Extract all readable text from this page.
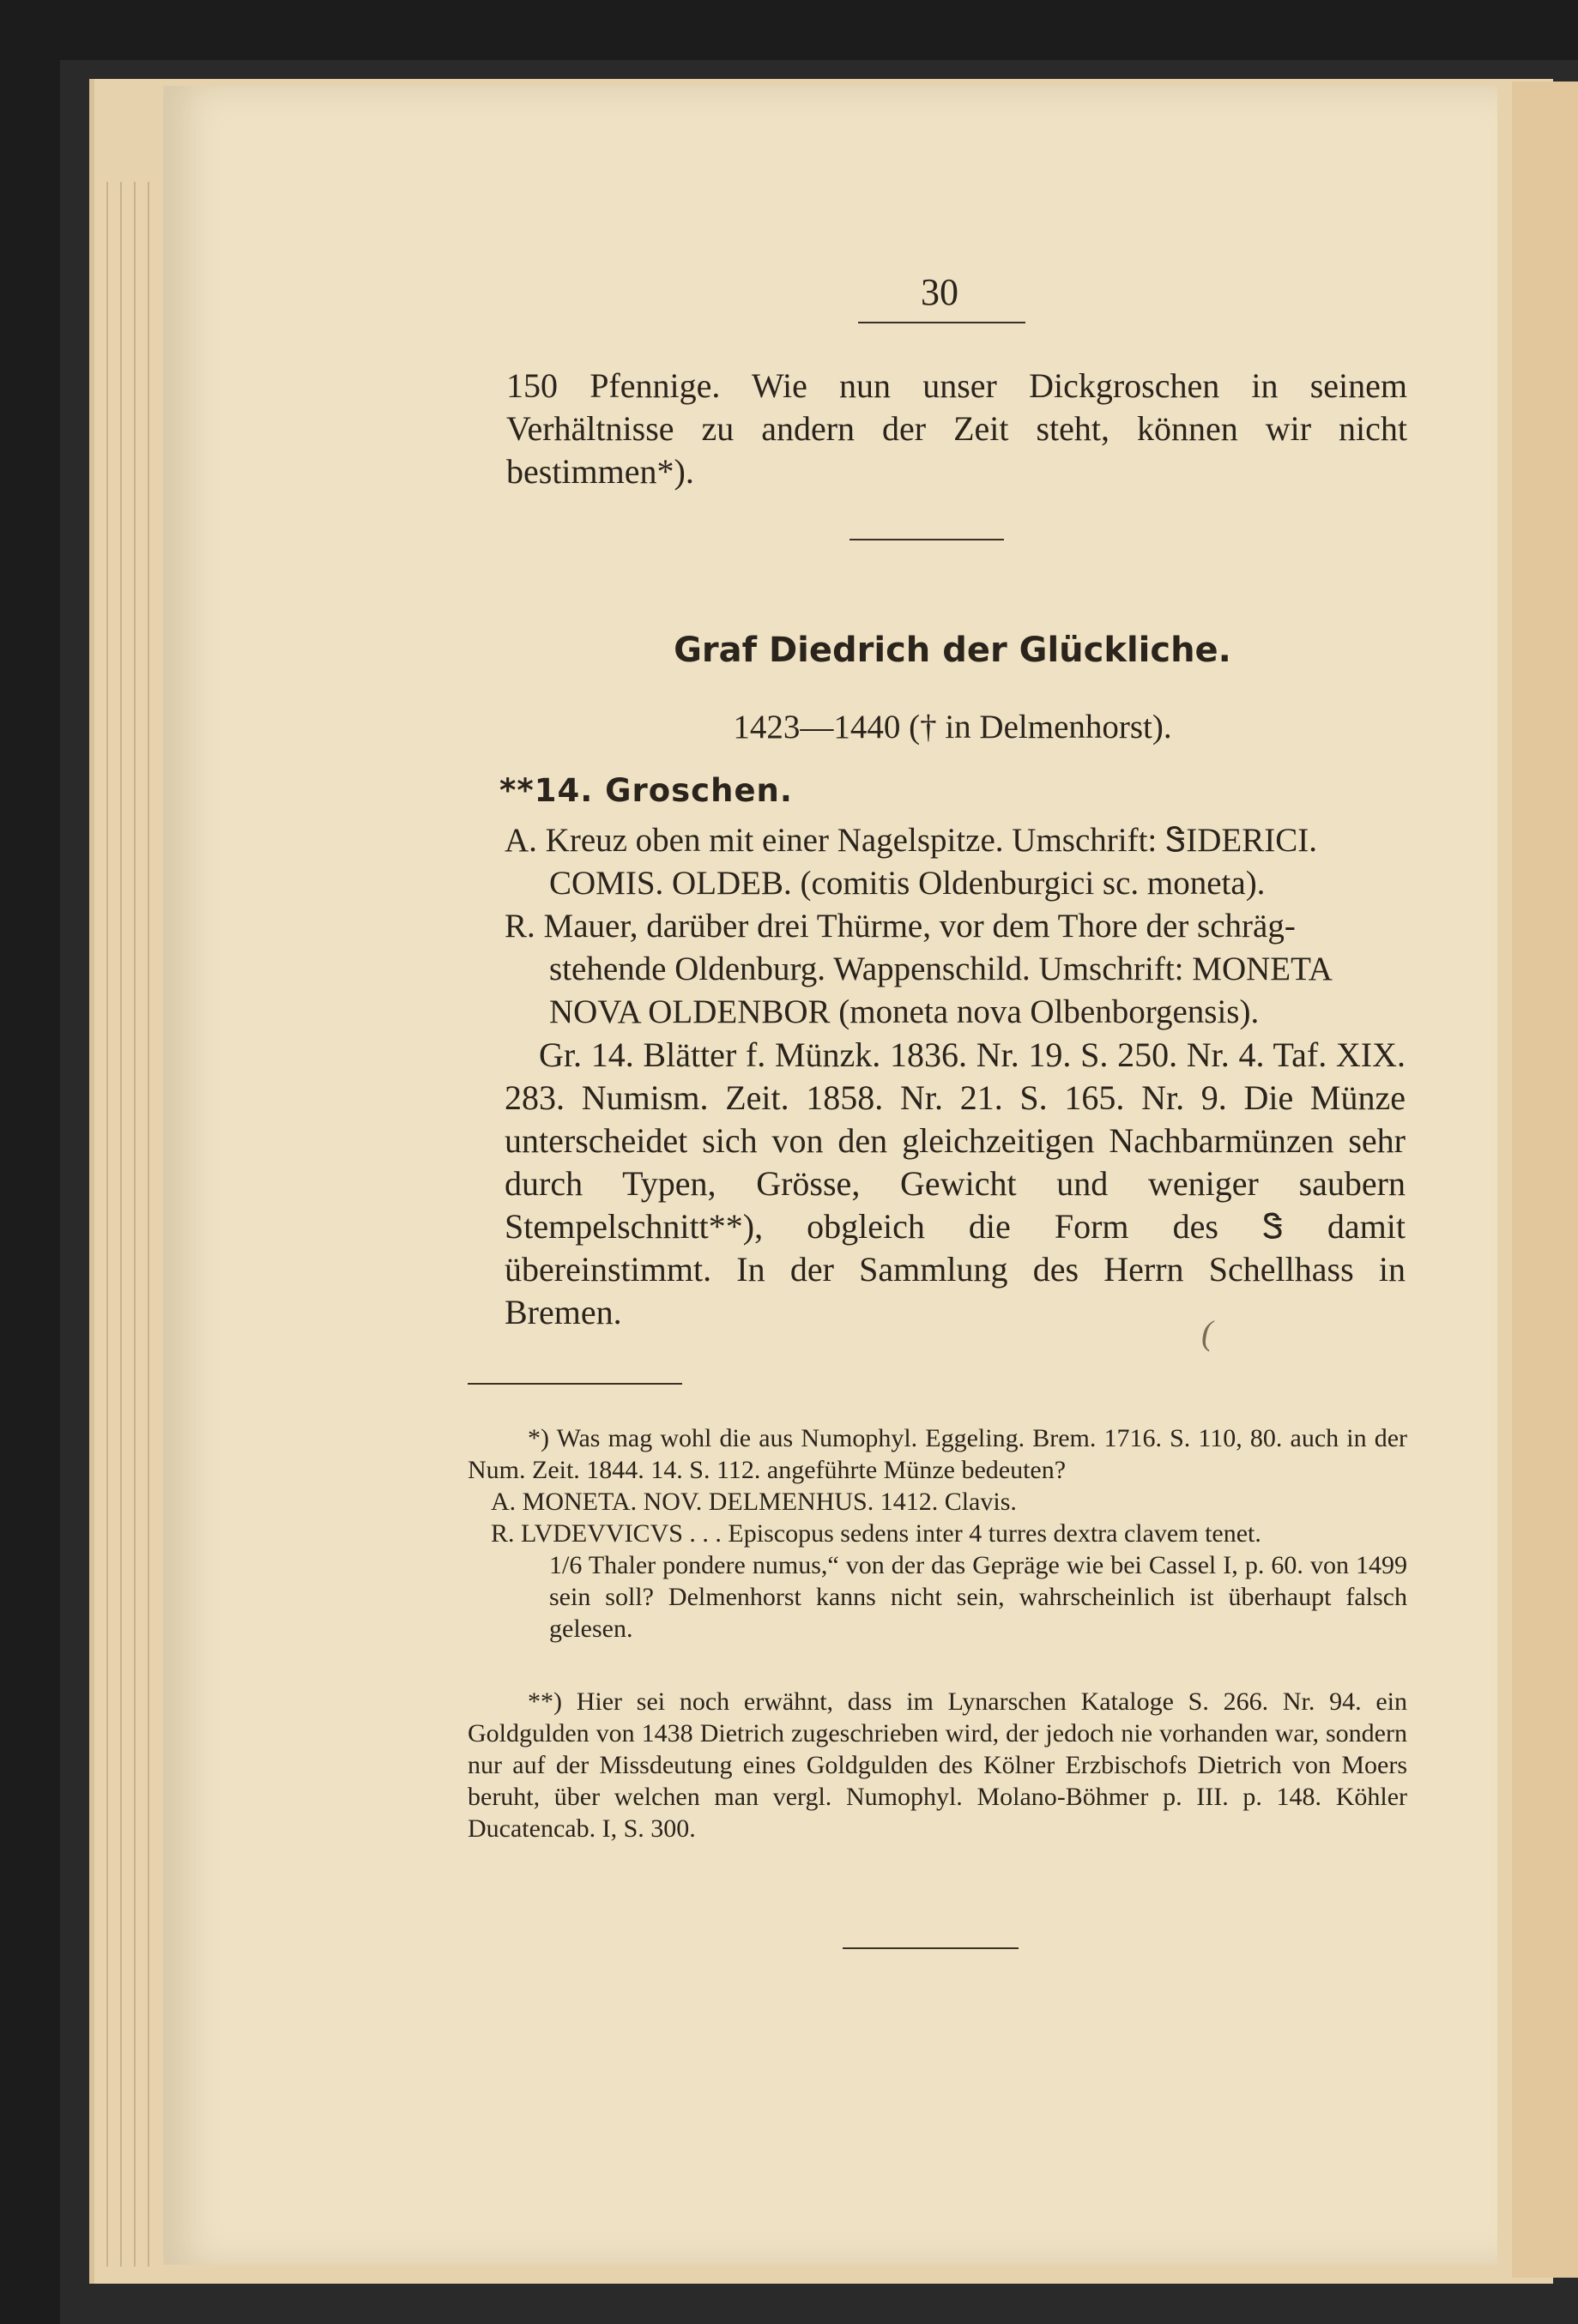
30

150 Pfennige. Wie nun unser Dickgroschen in seinem Verhältnisse zu andern der Zeit steht, können wir nicht bestimmen*).

Graf Diedrich der Glückliche.
1423—1440 († in Delmenhorst).
**14. Groschen.
A. Kreuz oben mit einer Nagelspitze. Umschrift: ᏕIDERICI.
COMIS. OLDEB. (comitis Oldenburgici sc. moneta).
R. Mauer, darüber drei Thürme, vor dem Thore der schräg-
stehende Oldenburg. Wappenschild. Umschrift: MONETA
NOVA OLDENBOR (moneta nova Olbenborgensis).

Gr. 14. Blätter f. Münzk. 1836. Nr. 19. S. 250. Nr. 4. Taf. XIX. 283. Numism. Zeit. 1858. Nr. 21. S. 165. Nr. 9. Die Münze unterscheidet sich von den gleichzeitigen Nachbarmünzen sehr durch Typen, Grösse, Gewicht und weniger saubern Stempelschnitt**), obgleich die Form des Ꮥ damit übereinstimmt. In der Sammlung des Herrn Schellhass in Bremen.

(

*) Was mag wohl die aus Numophyl. Eggeling. Brem. 1716. S. 110, 80. auch in der Num. Zeit. 1844. 14. S. 112. angeführte Münze bedeuten?

A. MONETA. NOV. DELMENHUS. 1412. Clavis.

R. LVDEVVICVS . . . Episcopus sedens inter 4 turres dextra clavem tenet.

1/6 Thaler pondere numus,“ von der das Gepräge wie bei Cassel I, p. 60. von 1499 sein soll? Delmenhorst kanns nicht sein, wahrscheinlich ist überhaupt falsch gelesen.

**) Hier sei noch erwähnt, dass im Lynarschen Kataloge S. 266. Nr. 94. ein Goldgulden von 1438 Dietrich zugeschrieben wird, der jedoch nie vorhanden war, sondern nur auf der Missdeutung eines Goldgulden des Kölner Erzbischofs Dietrich von Moers beruht, über welchen man vergl. Numophyl. Molano-Böhmer p. III. p. 148. Köhler Ducatencab. I, S. 300.
